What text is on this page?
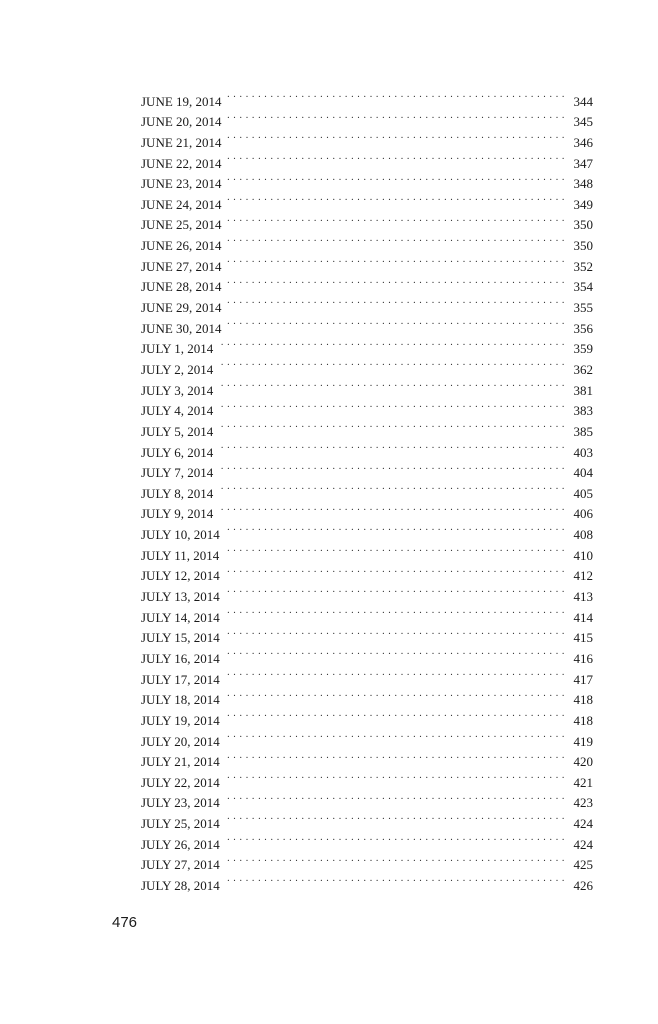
JUNE 19, 2014 . . .	344
JUNE 20, 2014 . . .	345
JUNE 21, 2014 . . .	346
JUNE 22, 2014 . . .	347
JUNE 23, 2014 . . .	348
JUNE 24, 2014 . . .	349
JUNE 25, 2014 . . .	350
JUNE 26, 2014 . . .	350
JUNE 27, 2014 . . .	352
JUNE 28, 2014 . . .	354
JUNE 29, 2014 . . .	355
JUNE 30, 2014 . . .	356
JULY 1, 2014 . . .	359
JULY 2, 2014 . . .	362
JULY 3, 2014 . . .	381
JULY 4, 2014 . . .	383
JULY 5, 2014 . . .	385
JULY 6, 2014 . . .	403
JULY 7, 2014 . . .	404
JULY 8, 2014 . . .	405
JULY 9, 2014 . . .	406
JULY 10, 2014 . . .	408
JULY 11, 2014 . . .	410
JULY 12, 2014 . . .	412
JULY 13, 2014 . . .	413
JULY 14, 2014 . . .	414
JULY 15, 2014 . . .	415
JULY 16, 2014 . . .	416
JULY 17, 2014 . . .	417
JULY 18, 2014 . . .	418
JULY 19, 2014 . . .	418
JULY 20, 2014 . . .	419
JULY 21, 2014 . . .	420
JULY 22, 2014 . . .	421
JULY 23, 2014 . . .	423
JULY 25, 2014 . . .	424
JULY 26, 2014 . . .	424
JULY 27, 2014 . . .	425
JULY 28, 2014 . . .	426
476
